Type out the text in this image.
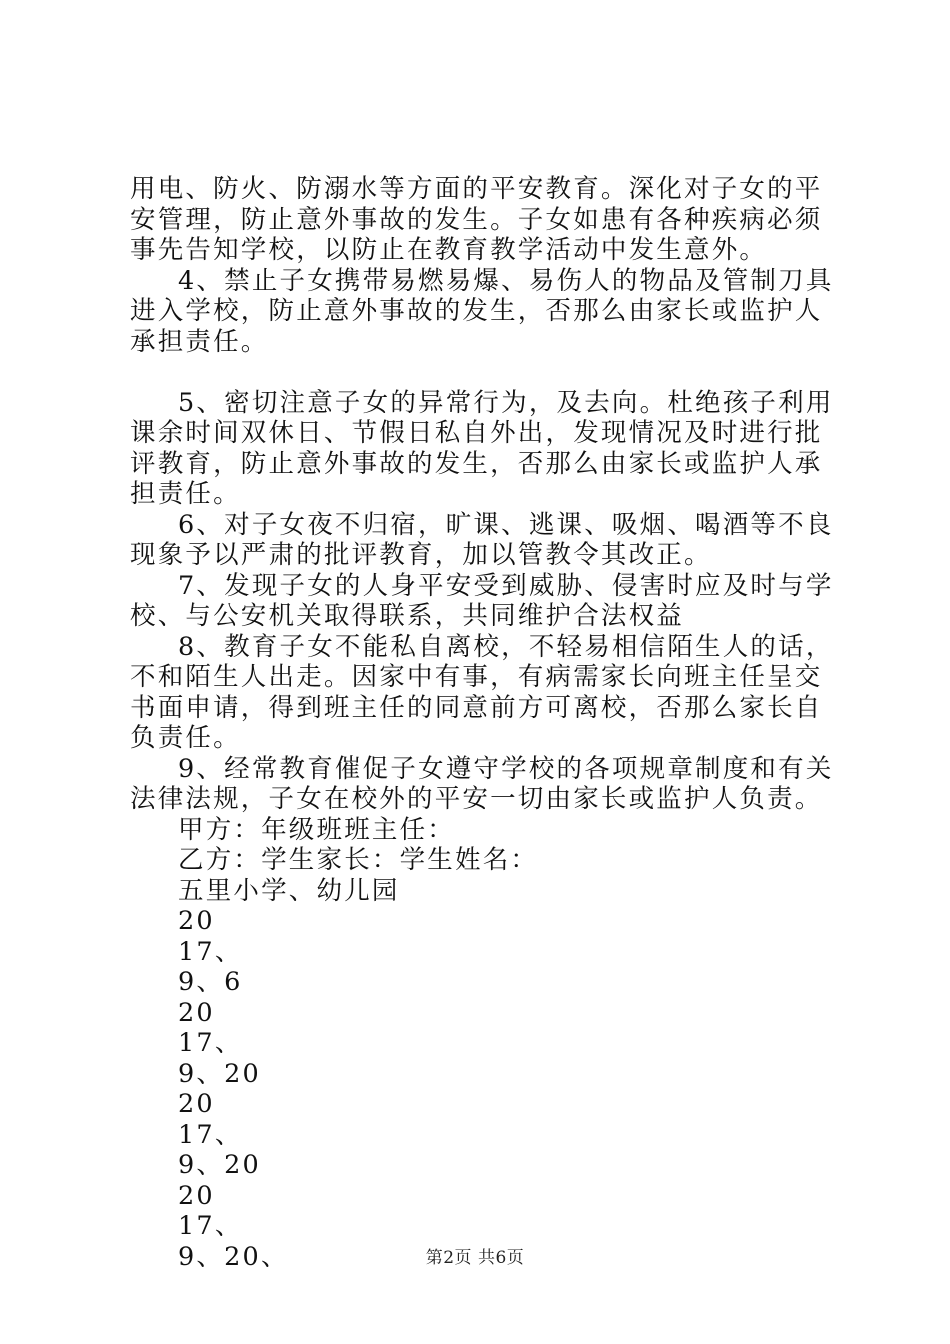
用电、防火、防溺水等方面的平安教育。深化对子女的平安管理，防止意外事故的发生。子女如患有各种疾病必须事先告知学校，以防止在教育教学活动中发生意外。

4、禁止子女携带易燃易爆、易伤人的物品及管制刀具进入学校，防止意外事故的发生，否那么由家长或监护人承担责任。

5、密切注意子女的异常行为，及去向。杜绝孩子利用课余时间双休日、节假日私自外出，发现情况及时进行批评教育，防止意外事故的发生，否那么由家长或监护人承担责任。

6、对子女夜不归宿，旷课、逃课、吸烟、喝酒等不良现象予以严肃的批评教育，加以管教令其改正。

7、发现子女的人身平安受到威胁、侵害时应及时与学校、与公安机关取得联系，共同维护合法权益

8、教育子女不能私自离校，不轻易相信陌生人的话，不和陌生人出走。因家中有事，有病需家长向班主任呈交书面申请，得到班主任的同意前方可离校，否那么家长自负责任。

9、经常教育催促子女遵守学校的各项规章制度和有关法律法规，子女在校外的平安一切由家长或监护人负责。

甲方：年级班班主任：

乙方：学生家长：学生姓名：

五里小学、幼儿园

20

17、

9、6

20

17、

9、20

20

17、

9、20

20

17、

9、20、	第2页 共6页
